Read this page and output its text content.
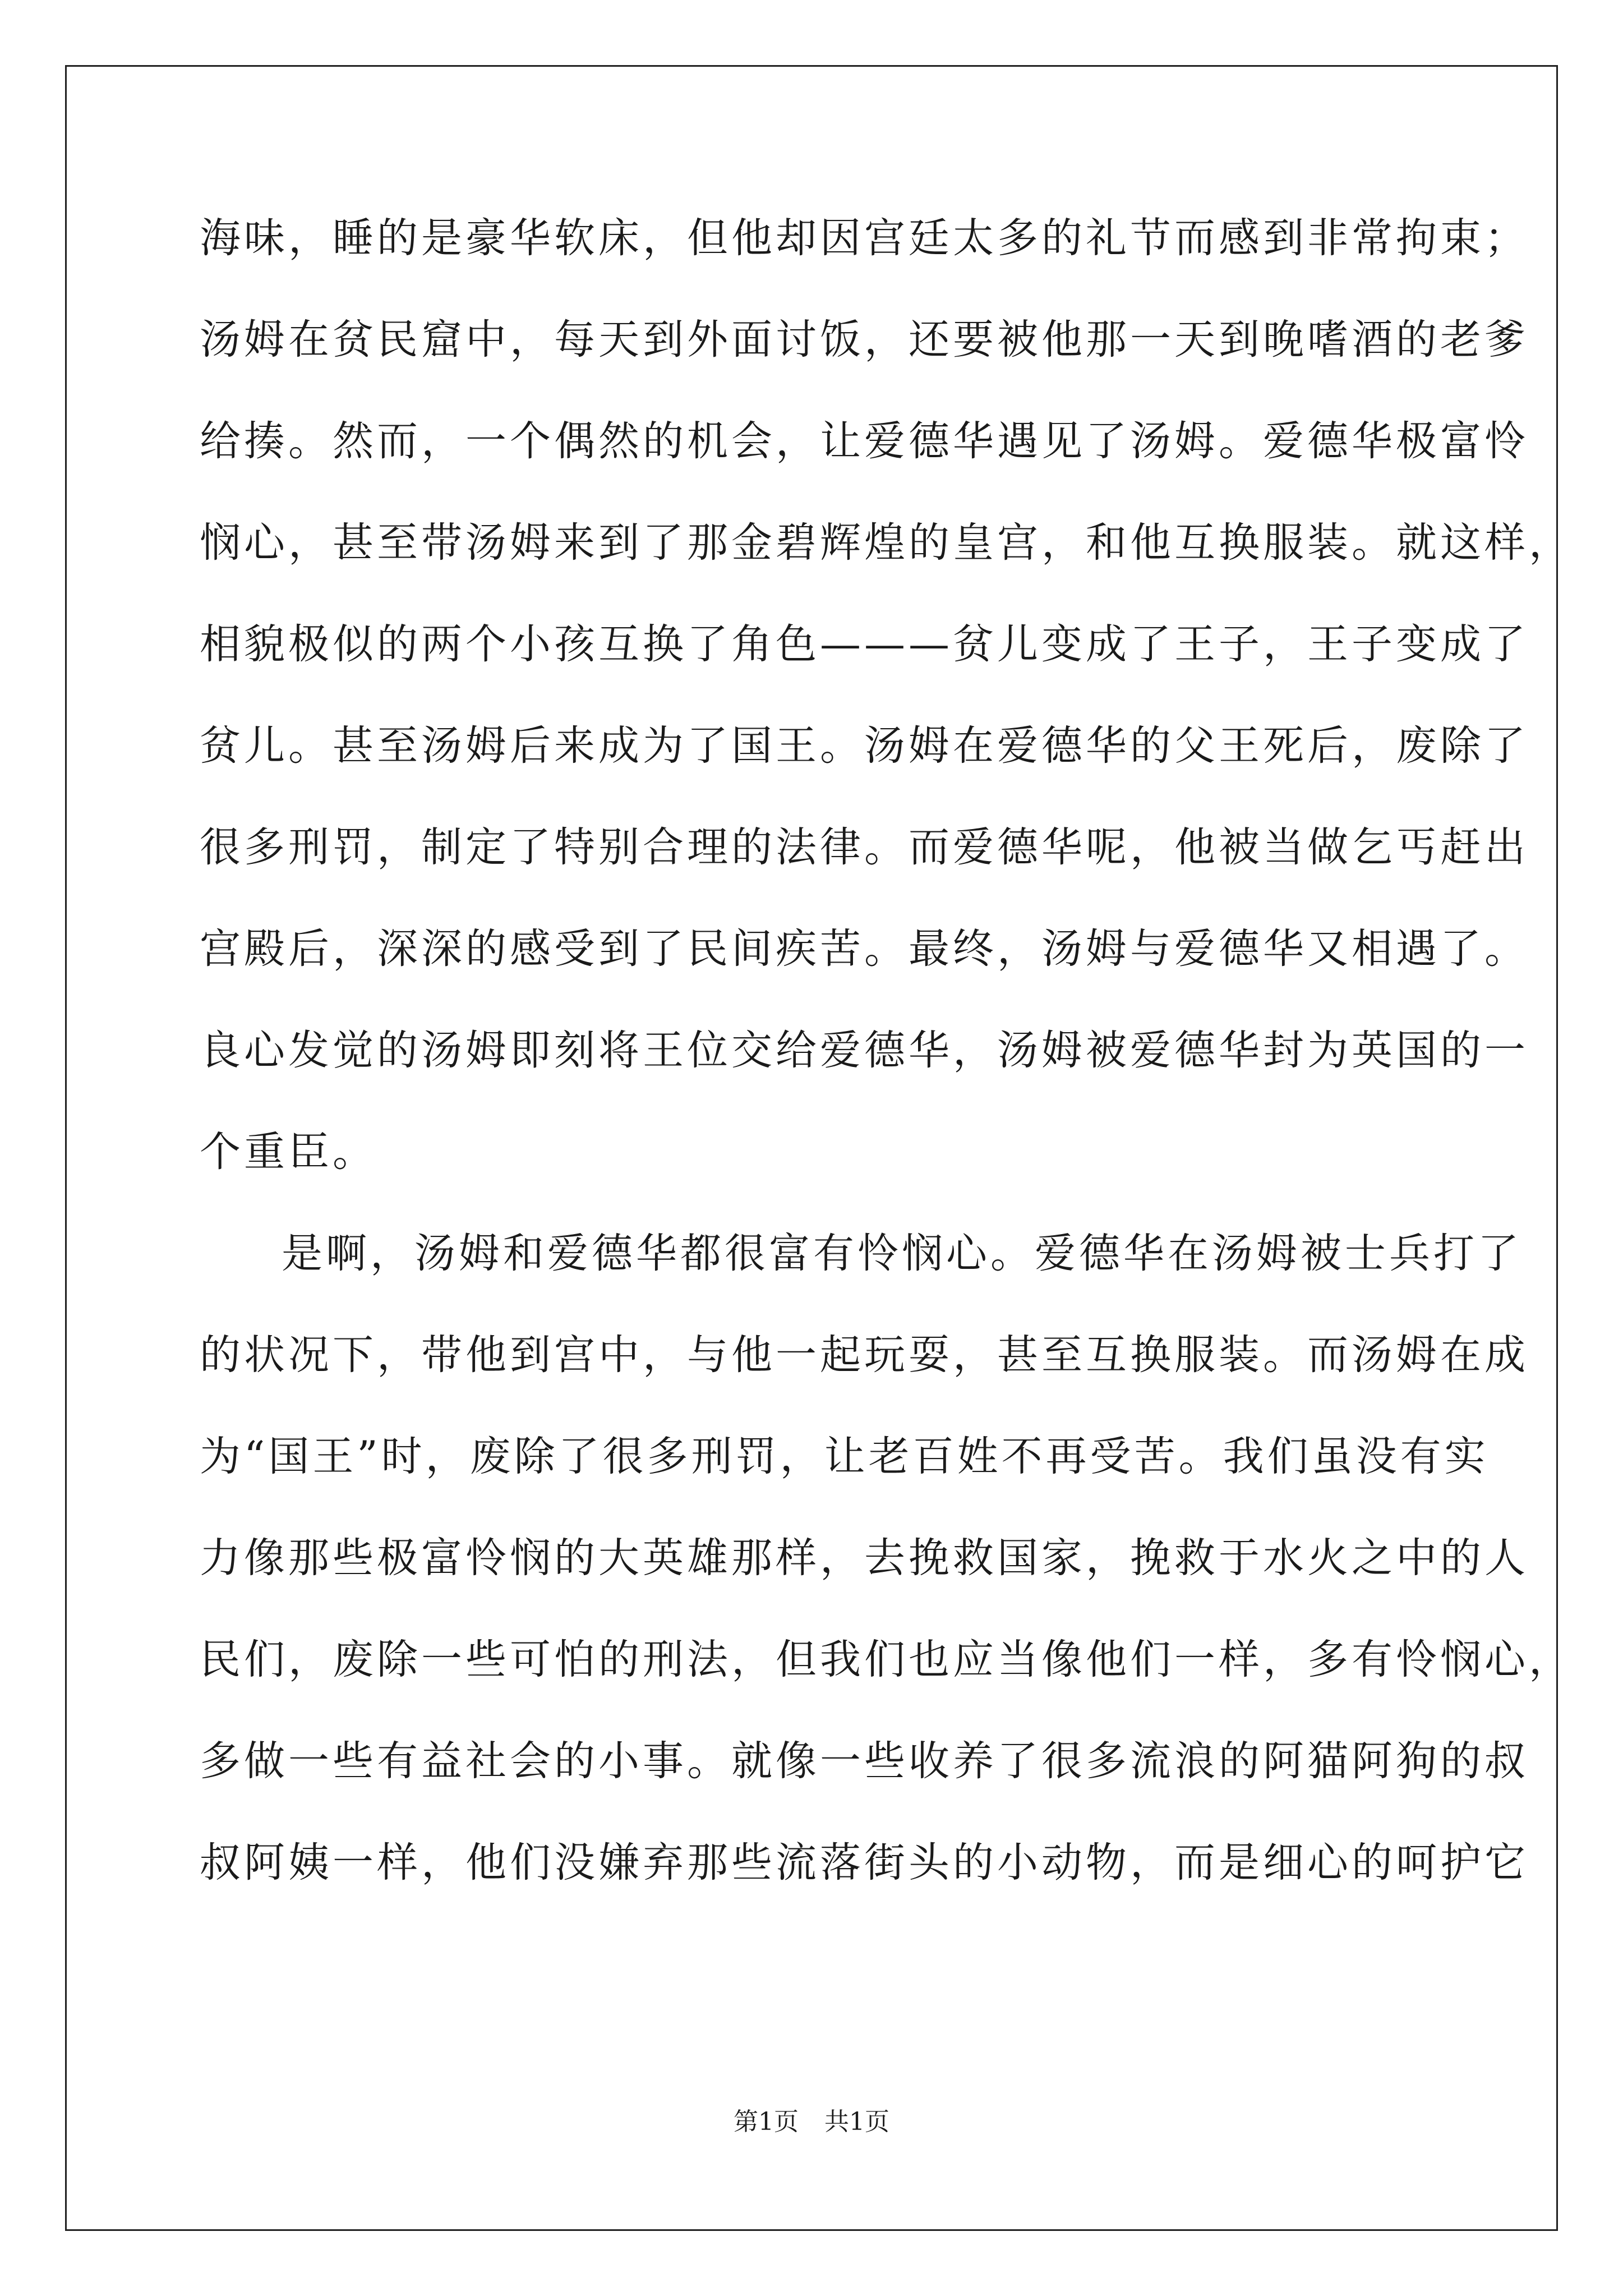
海味，睡的是豪华软床，但他却因宫廷太多的礼节而感到非常拘束；
汤姆在贫民窟中，每天到外面讨饭，还要被他那一天到晚嗜酒的老爹
给揍。然而，一个偶然的机会，让爱德华遇见了汤姆。爱德华极富怜
悯心，甚至带汤姆来到了那金碧辉煌的皇宫，和他互换服装。就这样，
相貌极似的两个小孩互换了角色———贫儿变成了王子，王子变成了
贫儿。甚至汤姆后来成为了国王。汤姆在爱德华的父王死后，废除了
很多刑罚，制定了特别合理的法律。而爱德华呢，他被当做乞丐赶出
宫殿后，深深的感受到了民间疾苦。最终，汤姆与爱德华又相遇了。
良心发觉的汤姆即刻将王位交给爱德华，汤姆被爱德华封为英国的一
个重臣。
是啊，汤姆和爱德华都很富有怜悯心。爱德华在汤姆被士兵打了
的状况下，带他到宫中，与他一起玩耍，甚至互换服装。而汤姆在成
为“国王”时，废除了很多刑罚，让老百姓不再受苦。我们虽没有实
力像那些极富怜悯的大英雄那样，去挽救国家，挽救于水火之中的人
民们，废除一些可怕的刑法，但我们也应当像他们一样，多有怜悯心，
多做一些有益社会的小事。就像一些收养了很多流浪的阿猫阿狗的叔
叔阿姨一样，他们没嫌弃那些流落街头的小动物，而是细心的呵护它
第1页 共1页
